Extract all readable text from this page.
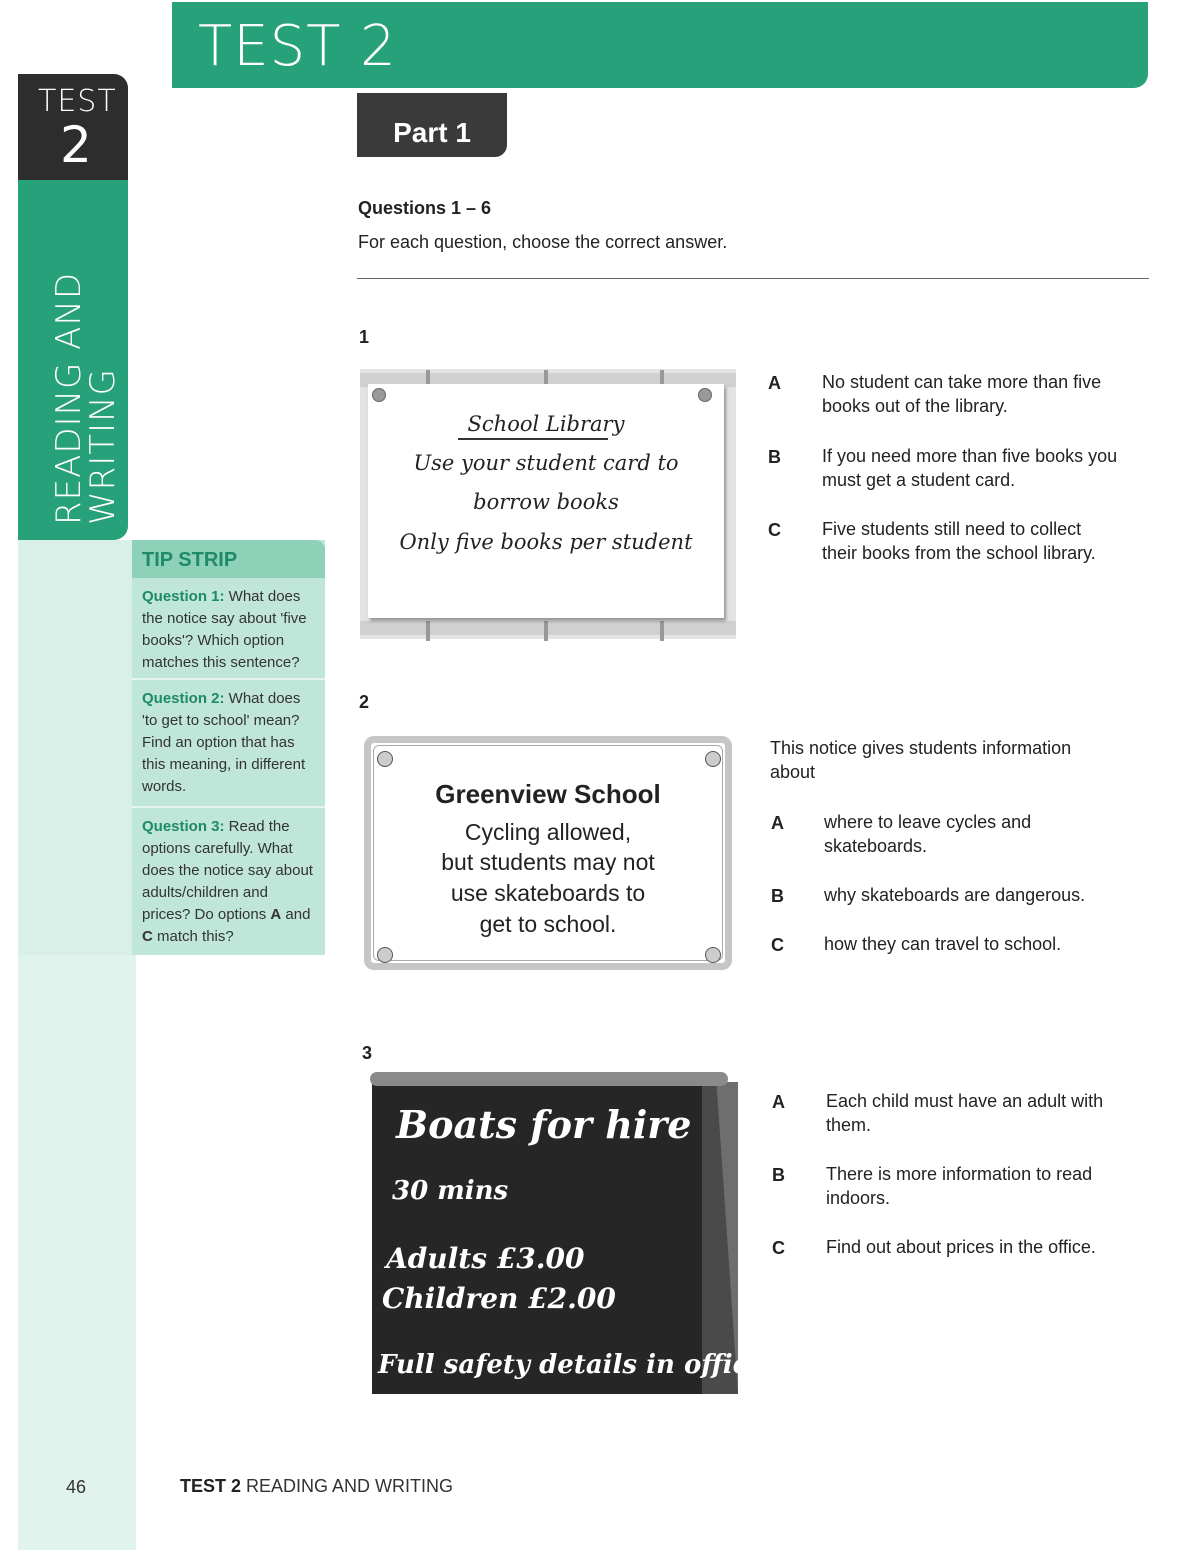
TEST
2
READING AND
WRITING
TEST 2
Part 1
TIP STRIP
Question 1: What does the notice say about 'five books'? Which option matches this sentence?
Question 2: What does 'to get to school' mean? Find an option that has this meaning, in different words.
Question 3: Read the options carefully. What does the notice say about adults/children and prices? Do options A and C match this?
Questions 1 – 6
For each question, choose the correct answer.
1
School Library
Use your student card to
borrow books
Only five books per student
A No student can take more than five
books out of the library.
B If you need more than five books you
must get a student card.
C Five students still need to collect
their books from the school library.
2
Greenview School
Cycling allowed,
but students may not
use skateboards to
get to school.
This notice gives students information
about
A where to leave cycles and
skateboards.
B why skateboards are dangerous.
C how they can travel to school.
3
Boats for hire
30 mins
Adults £3.00
Children £2.00
Full safety details in office
A Each child must have an adult with
them.
B There is more information to read
indoors.
C Find out about prices in the office.
46	TEST 2 READING AND WRITING
